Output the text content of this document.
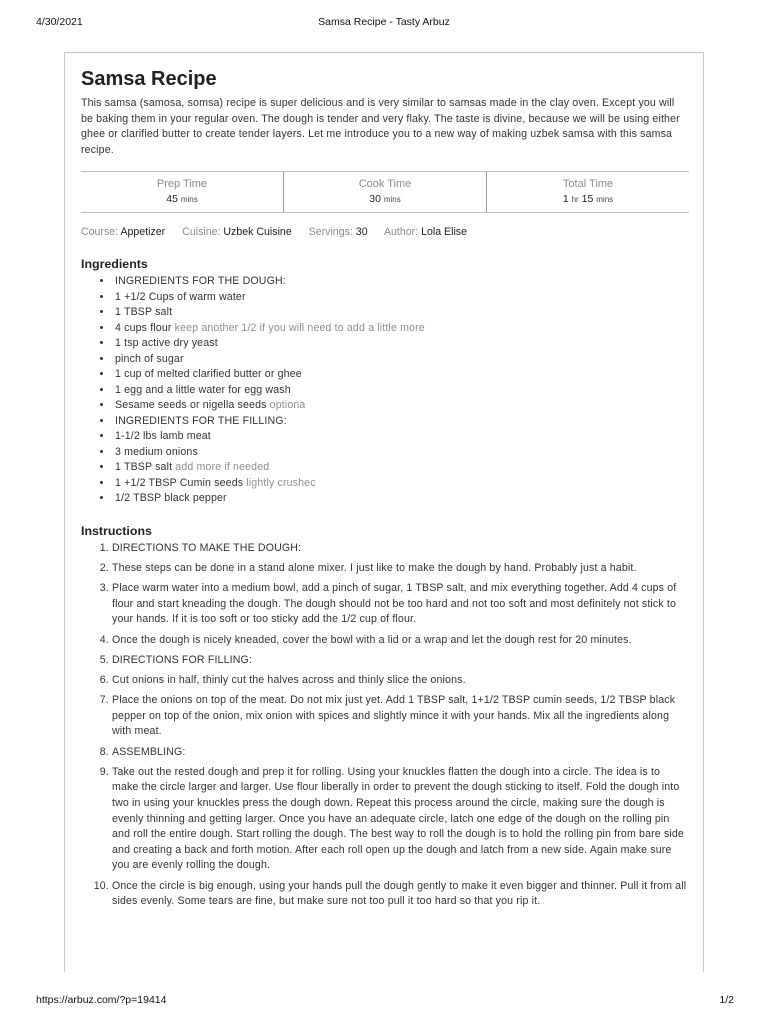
4/30/2021	Samsa Recipe - Tasty Arbuz
Samsa Recipe

This samsa (samosa, somsa) recipe is super delicious and is very similar to samsas made in the clay oven. Except you will be baking them in your regular oven. The dough is tender and very flaky. The taste is divine, because we will be using either ghee or clarified butter to create tender layers. Let me introduce you to a new way of making uzbek samsa with this samsa recipe.

Prep Time
45 mins
Cook Time
30 mins
Total Time
1 hr 15 mins
Course: Appetizer Cuisine: Uzbek Cuisine Servings: 30 Author: Lola Elise
Ingredients
• INGREDIENTS FOR THE DOUGH:
• 1 +1/2 Cups of warm water
• 1 TBSP salt
• 4 cups flour keep another 1/2 if you will need to add a little more
• 1 tsp active dry yeast
• pinch of sugar
• 1 cup of melted clarified butter or ghee
• 1 egg and a little water for egg wash
• Sesame seeds or nigella seeds optiona
• INGREDIENTS FOR THE FILLING:
• 1-1/2 lbs lamb meat
• 3 medium onions
• 1 TBSP salt add more if needed
• 1 +1/2 TBSP Cumin seeds lightly crushec
• 1/2 TBSP black pepper
Instructions
1. DIRECTIONS TO MAKE THE DOUGH:
2. These steps can be done in a stand alone mixer. I just like to make the dough by hand. Probably just a habit.
3. Place warm water into a medium bowl, add a pinch of sugar, 1 TBSP salt, and mix everything together. Add 4 cups of flour and start kneading the dough. The dough should not be too hard and not too soft and most definitely not stick to your hands. If it is too soft or too sticky add the 1/2 cup of flour.
4. Once the dough is nicely kneaded, cover the bowl with a lid or a wrap and let the dough rest for 20 minutes.
5. DIRECTIONS FOR FILLING:
6. Cut onions in half, thinly cut the halves across and thinly slice the onions.
7. Place the onions on top of the meat. Do not mix just yet. Add 1 TBSP salt, 1+1/2 TBSP cumin seeds, 1/2 TBSP black pepper on top of the onion, mix onion with spices and slightly mince it with your hands. Mix all the ingredients along with meat.
8. ASSEMBLING:
9. Take out the rested dough and prep it for rolling. Using your knuckles flatten the dough into a circle. The idea is to make the circle larger and larger. Use flour liberally in order to prevent the dough sticking to itself. Fold the dough into two in using your knuckles press the dough down. Repeat this process around the circle, making sure the dough is evenly thinning and getting larger. Once you have an adequate circle, latch one edge of the dough on the rolling pin and roll the entire dough. Start rolling the dough. The best way to roll the dough is to hold the rolling pin from bare side and creating a back and forth motion. After each roll open up the dough and latch from a new side. Again make sure you are evenly rolling the dough.
10. Once the circle is big enough, using your hands pull the dough gently to make it even bigger and thinner. Pull it from all sides evenly. Some tears are fine, but make sure not too pull it too hard so that you rip it.
https://arbuz.com/?p=19414	1/2
